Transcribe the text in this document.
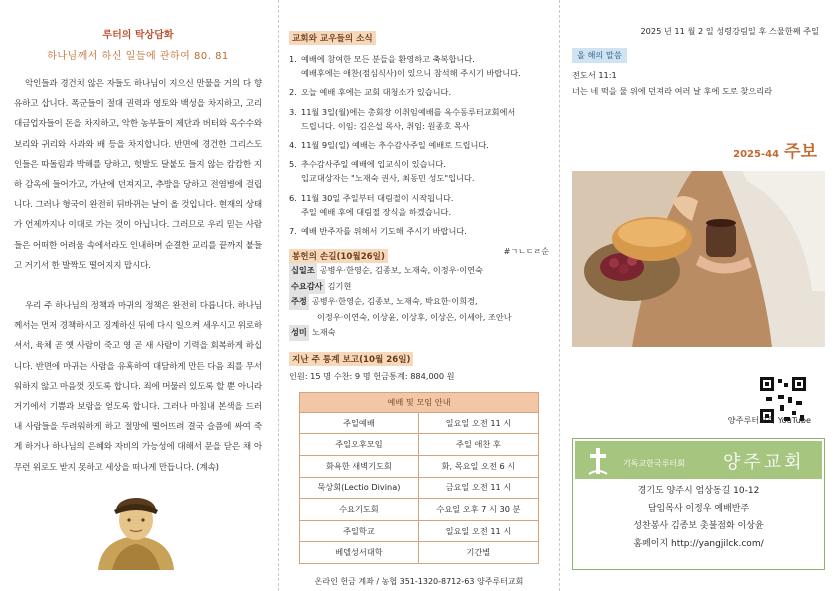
루터의 탁상담화
하나님께서 하신 일들에 관하여 80. 81

악인들과 경건치 않은 자들도 하나님이 지으신 만물을 거의 다 향유하고 삽니다. 폭군들이 절대 권력과 영토와 백성을 차지하고, 고리대금업자들이 돈을 차지하고, 악한 농부들이 제단과 버터와 옥수수와 보리와 귀리와 사과와 배 등을 차지합니다. 반면에 경건한 그리스도인들은 따돌림과 박해를 당하고, 헛발도 달붙도 들지 않는 캄캄한 지하 감옥에 들어가고, 가난에 던져지고, 추방을 당하고 전염병에 걸립니다. 그러나 형국이 완전히 뒤바뀌는 날이 올 것입니다. 현재의 상태가 언제까지나 이대로 가는 것이 아닙니다. 그러므로 우리 믿는 사람들은 어떠한 어려움 속에서라도 인내하며 순결한 교리를 끝까지 붙들고 거기서 한 발짝도 떨어지지 맙시다.

우리 주 하나님의 정책과 마귀의 정책은 완전히 다릅니다. 하나님께서는 먼저 경책하시고 징계하신 뒤에 다시 일으켜 세우시고 위로하셔서, 육체 곧 옛 사람이 죽고 영 곧 새 사람이 기력을 회복하게 하십니다. 반면에 마귀는 사람을 유혹하여 대담하게 만든 다음 죄를 무서워하지 않고 마음껏 짓도록 합니다. 죄에 머물러 있도록 할 뿐 아니라 거기에서 기쁨과 보람을 얻도록 합니다. 그러나 마침내 본색을 드러내 사람들을 두려워하게 하고 절망에 떨어뜨려 결국 슬픔에 싸여 죽게 하거나 하나님의 은혜와 자비의 가능성에 대해서 문을 닫은 채 아무런 위로도 받지 못하고 세상을 떠나게 만듭니다. (계속)

교회와 교우들의 소식
1. 예배에 참여한 모든 분들을 환영하고 축복합니다.
예배후에는 애찬(점심식사)이 있으니 참석해 주시기 바랍니다.
2. 오늘 예배 후에는 교회 대청소가 있습니다.
3. 11월 3일(월)에는 총회장 이취임예배를 옥수동루터교회에서
드립니다. 이임: 김은섭 목사, 취임: 원종호 목사
4. 11월 9일(일) 예배는 추수감사주일 예배로 드립니다.
5. 추수감사주일 예배에 입교식이 있습니다.
입교대상자는 "노재숙 권사, 최동민 성도"입니다.
6. 11월 30일 주일부터 대림절이 시작됩니다.
주일 예배 후에 대림절 장식을 하겠습니다.
7. 예배 반주자를 위해서 기도해 주시기 바랍니다.
봉헌의 손길(10월26일)
#ㄱㄴㄷㄹ순
십일조 공병우·한영순, 김종보, 노재숙, 이정우·이연숙
수요감사 김기현
주정 공병우·한영순, 김종보, 노재숙, 박요한·이희경,
이정우·이연숙, 이상윤, 이상후, 이상은, 이세아, 조안나
성미 노재숙
지난 주 통계 보고(10월 26일)
인원: 15 명 수찬: 9 명 헌금통계: 884,000 원
예배 및 모임 안내	
주일예배	일요일 오전 11 시
주일오후모임	주일 애찬 후
화욕한 새벽기도회	화, 목요일 오전 6 시
묵상회(Lectio Divina)	금요일 오전 11 시
수요기도회	수요일 오후 7 시 30 분
주일학교	일요일 오전 11 시
베델성서대학	기간별
온라인 헌금 계좌 / 농협 351-1320-8712-63 양주루터교회
2025 년 11 월 2 일 성령강림일 후 스물한째 주일
올 해의 말씀
전도서 11:1
너는 네 떡을 물 위에 던져라 여러 날 후에 도로 찾으리라
2025-44 주보
양주루터교회 YouTube
기독교한국루터회 양주교회
경기도 양주시 엄상동길 10-12
담임목사 이정우 예배반주
성찬봉사 김종보 촛불점화 이상윤
홈페이지 http://yangjilck.com/
